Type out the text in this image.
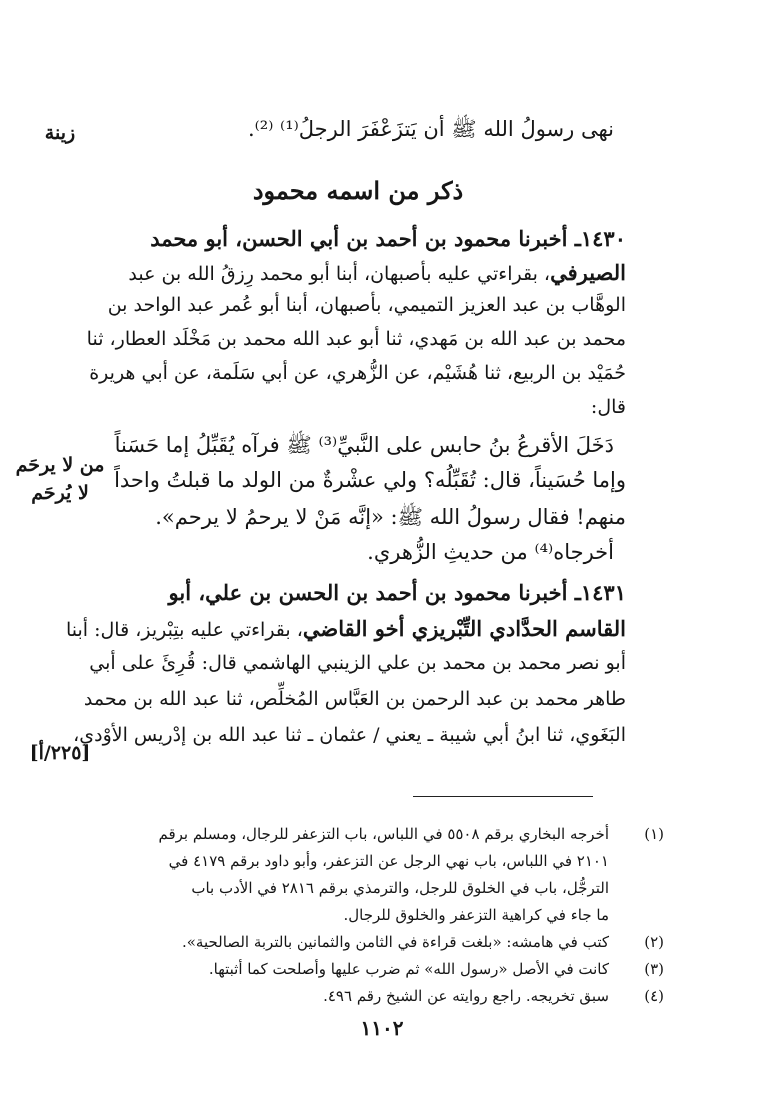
زينة
من لا يرحَم
لا يُرحَم
[٢٢٥/أ]
نهى رسولُ الله ﷺ أن يَتزَعْفَرَ الرجلُ⁽¹⁾ ⁽²⁾.
ذكر من اسمه محمود
١٤٣٠ـ أخبرنا محمود بن أحمد بن أبي الحسن، أبو محمد
الصيرفي، بقراءتي عليه بأصبهان، أبنا أبو محمد رِزقُ الله بن عبد
الوهَّاب بن عبد العزيز التميمي، بأصبهان، أبنا أبو عُمر عبد الواحد بن
محمد بن عبد الله بن مَهدي، ثنا أبو عبد الله محمد بن مَخْلَد العطار، ثنا
حُمَيْد بن الربيع، ثنا هُشَيْم، عن الزُّهري، عن أبي سَلَمة، عن أبي هريرة
قال:
دَخَلَ الأقرعُ بنُ حابس على النَّبيِّ⁽³⁾ ﷺ فرآه يُقَبِّلُ إما حَسَناً
وإما حُسَيناً، قال: تُقَبِّلُه؟ ولي عشْرةٌ من الولد ما قبلتُ واحداً
منهم! فقال رسولُ الله ﷺ: «إنَّه مَنْ لا يرحمُ لا يرحم».
أخرجاه⁽⁴⁾ من حديثِ الزُّهري.
١٤٣١ـ أخبرنا محمود بن أحمد بن الحسن بن علي، أبو
القاسم الحدَّادي التِّبْريزي أخو القاضي، بقراءتي عليه بتِبْريز، قال: أبنا
أبو نصر محمد بن محمد بن علي الزينبي الهاشمي قال: قُرِئَ على أبي
طاهر محمد بن عبد الرحمن بن العَبَّاس المُخلِّص، ثنا عبد الله بن محمد
البَغَوي، ثنا ابنُ أبي شيبة ـ يعني / عثمان ـ ثنا عبد الله بن إدْريس الأوْدي،
(١)
أخرجه البخاري برقم ٥٥٠٨ في اللباس، باب التزعفر للرجال، ومسلم برقم
٢١٠١ في اللباس، باب نهي الرجل عن التزعفر، وأبو داود برقم ٤١٧٩ في
الترجُّل، باب في الخلوق للرجل، والترمذي برقم ٢٨١٦ في الأدب باب
ما جاء في كراهية التزعفر والخلوق للرجال.
(٢)
كتب في هامشه: «بلغت قراءة في الثامن والثمانين بالتربة الصالحية».
(٣)
كانت في الأصل «رسول الله» ثم ضرب عليها وأصلحت كما أثبتها.
(٤)
سبق تخريجه. راجع روايته عن الشيخ رقم ٤٩٦.
١١٠٢
